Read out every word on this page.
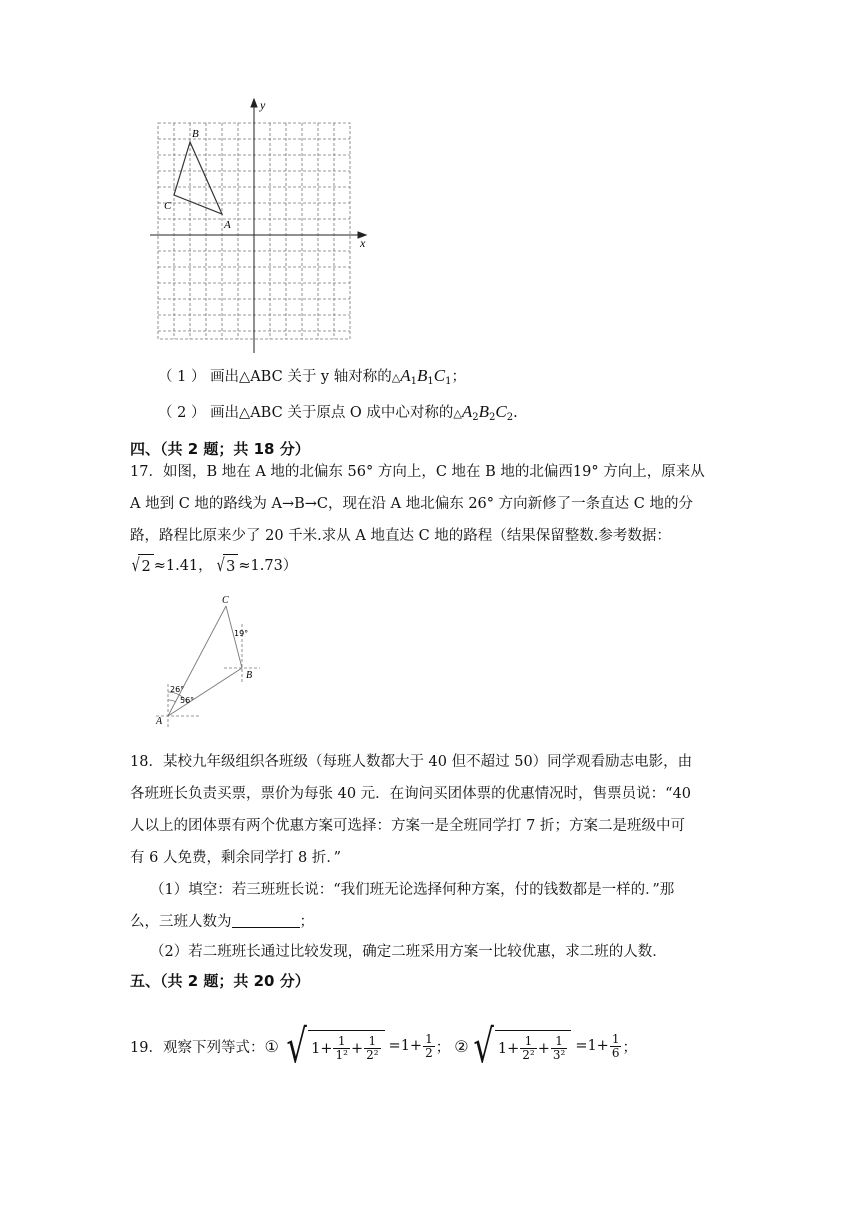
y
x
B
C
A
（ 1 ） 画出△ABC 关于 y 轴对称的$\triangle A_1B_1C_1$；
（ 2 ） 画出△ABC 关于原点 O 成中心对称的$\triangle A_2B_2C_2$.
四、（共 2 题；共 18 分）
17．如图，B 地在 A 地的北偏东 56° 方向上，C 地在 B 地的北偏西19° 方向上，原来从
A 地到 C 地的路线为 A→B→C，现在沿 A 地北偏东 26° 方向新修了一条直达 C 地的分
路，路程比原来少了 20 千米.求从 A 地直达 C 地的路程（结果保留整数.参考数据：
√ 2 ≈1.41， √ 3 ≈1.73）
C
B
A
19°
26°
56°
18．某校九年级组织各班级（每班人数都大于 40 但不超过 50）同学观看励志电影，由
各班班长负责买票，票价为每张 40 元．在询问买团体票的优惠情况时，售票员说：“40
人以上的团体票有两个优惠方案可选择：方案一是全班同学打 7 折；方案二是班级中可
有 6 人免费，剩余同学打 8 折．”
（1）填空：若三班班长说：“我们班无论选择何种方案，付的钱数都是一样的．”那
么，三班人数为	；
（2）若二班班长通过比较发现，确定二班采用方案一比较优惠，求二班的人数．
五、（共 2 题；共 20 分）
19．观察下列等式： ① √ $1+ \frac{1}{\text{1²}} + \frac{1}{\text{2²}} =1+ \frac{1}{2}$ ； ② √ $1+ \frac{1}{\text{2²}} + \frac{1}{\text{3²}} =1+ \frac{1}{6}$ ；
